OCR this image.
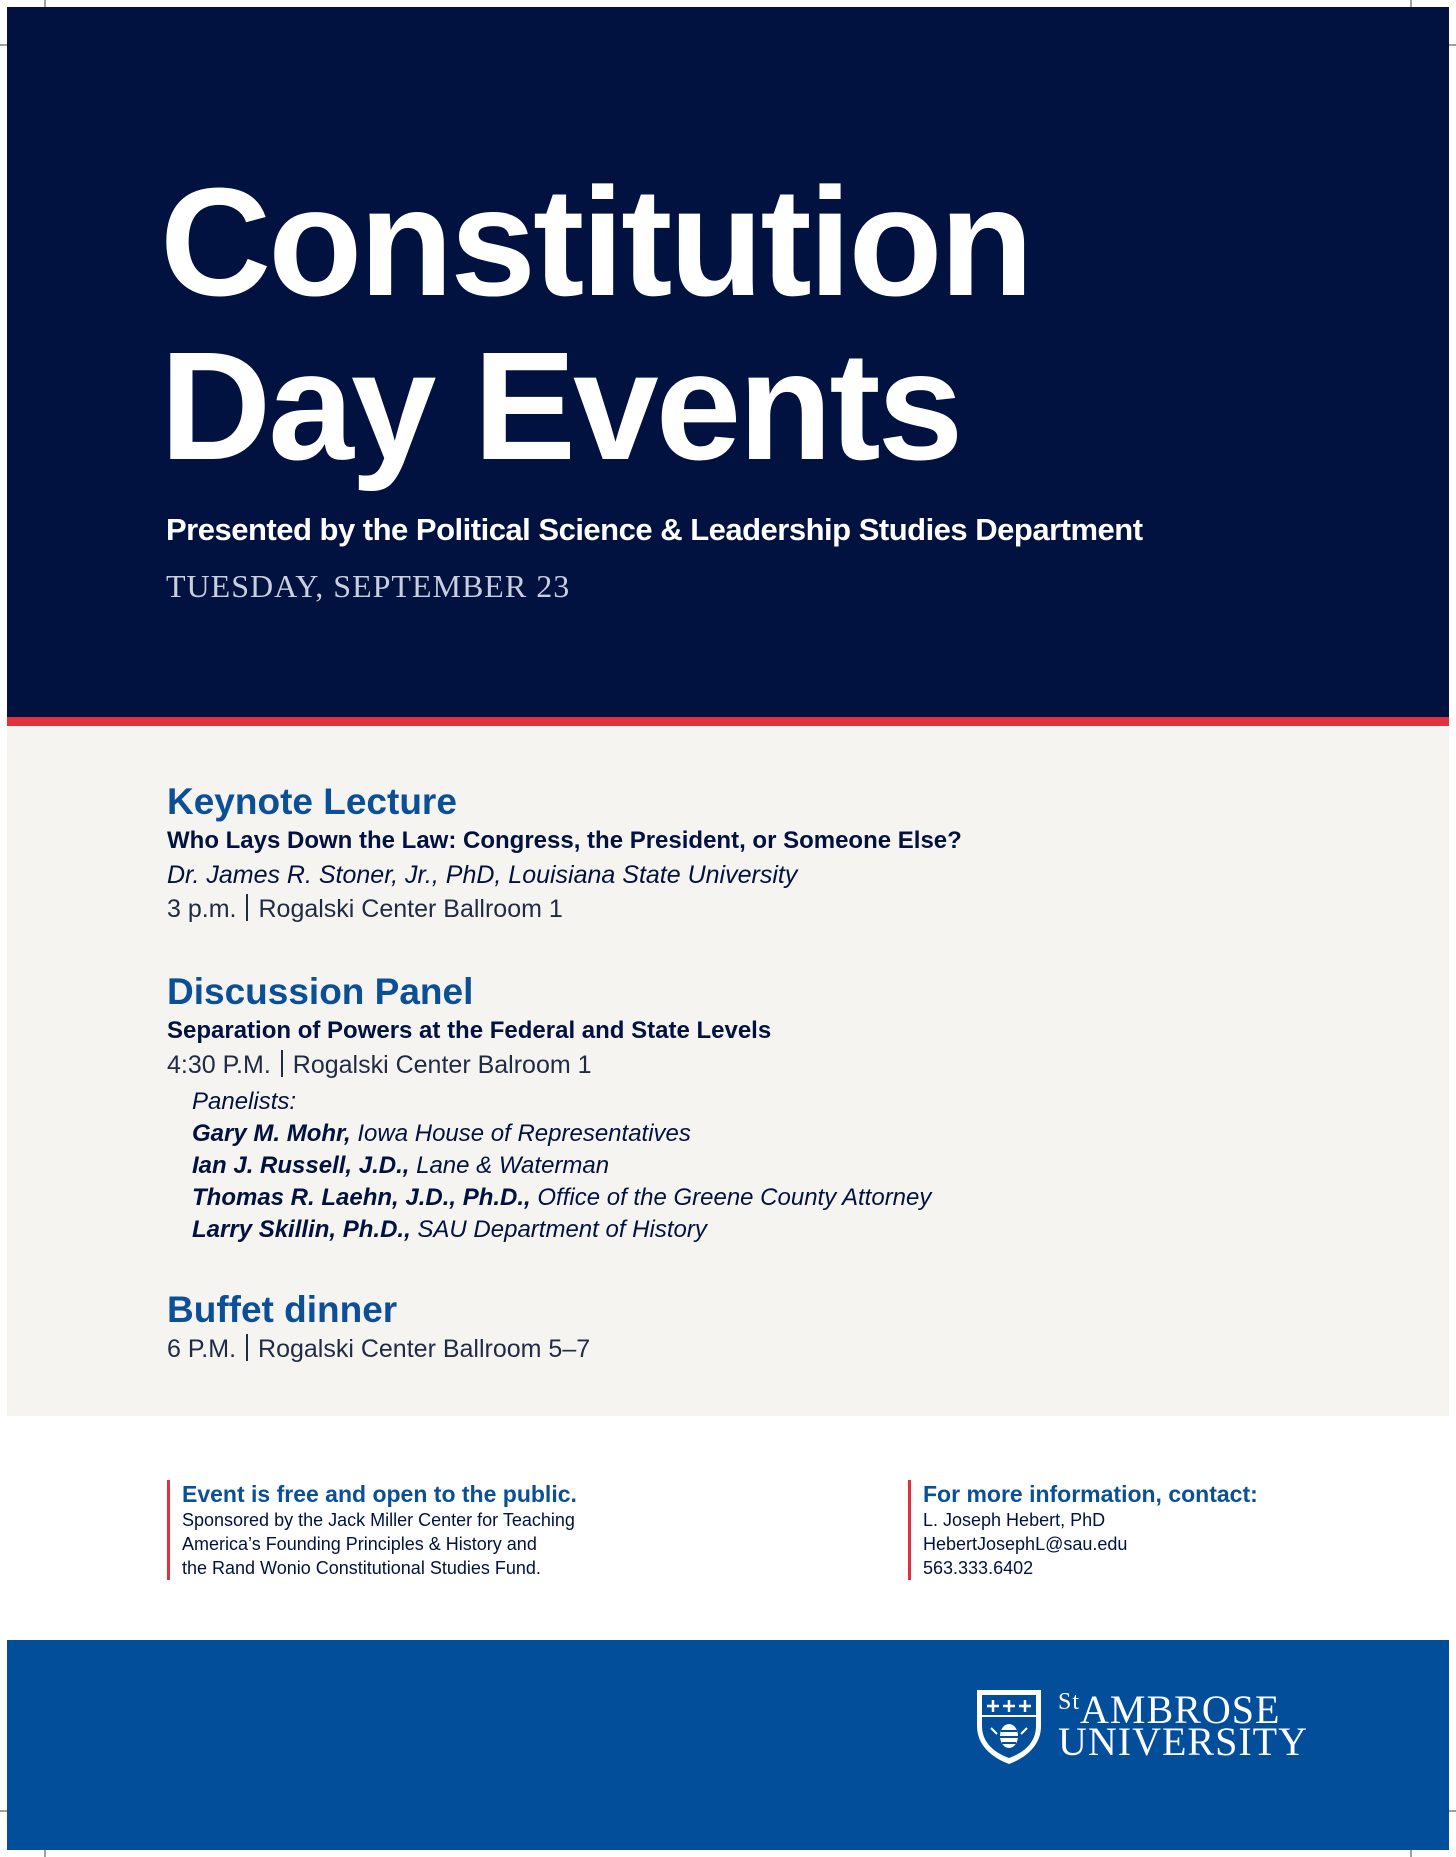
Constitution
Day Events
Presented by the Political Science & Leadership Studies Department
TUESDAY, SEPTEMBER 23
Keynote Lecture
Who Lays Down the Law: Congress, the President, or Someone Else?
Dr. James R. Stoner, Jr., PhD, Louisiana State University
3 p.m. Rogalski Center Ballroom 1
Discussion Panel
Separation of Powers at the Federal and State Levels
4:30 P.M. Rogalski Center Balroom 1
Panelists:
Gary M. Mohr, Iowa House of Representatives
Ian J. Russell, J.D., Lane & Waterman
Thomas R. Laehn, J.D., Ph.D., Office of the Greene County Attorney
Larry Skillin, Ph.D., SAU Department of History
Buffet dinner
6 P.M. Rogalski Center Ballroom 5–7
Event is free and open to the public.
Sponsored by the Jack Miller Center for Teaching
America’s Founding Principles & History and
the Rand Wonio Constitutional Studies Fund.
For more information, contact:
L. Joseph Hebert, PhD
HebertJosephL@sau.edu
563.333.6402
$^{St}$AMBROSE
UNIVERSITY
